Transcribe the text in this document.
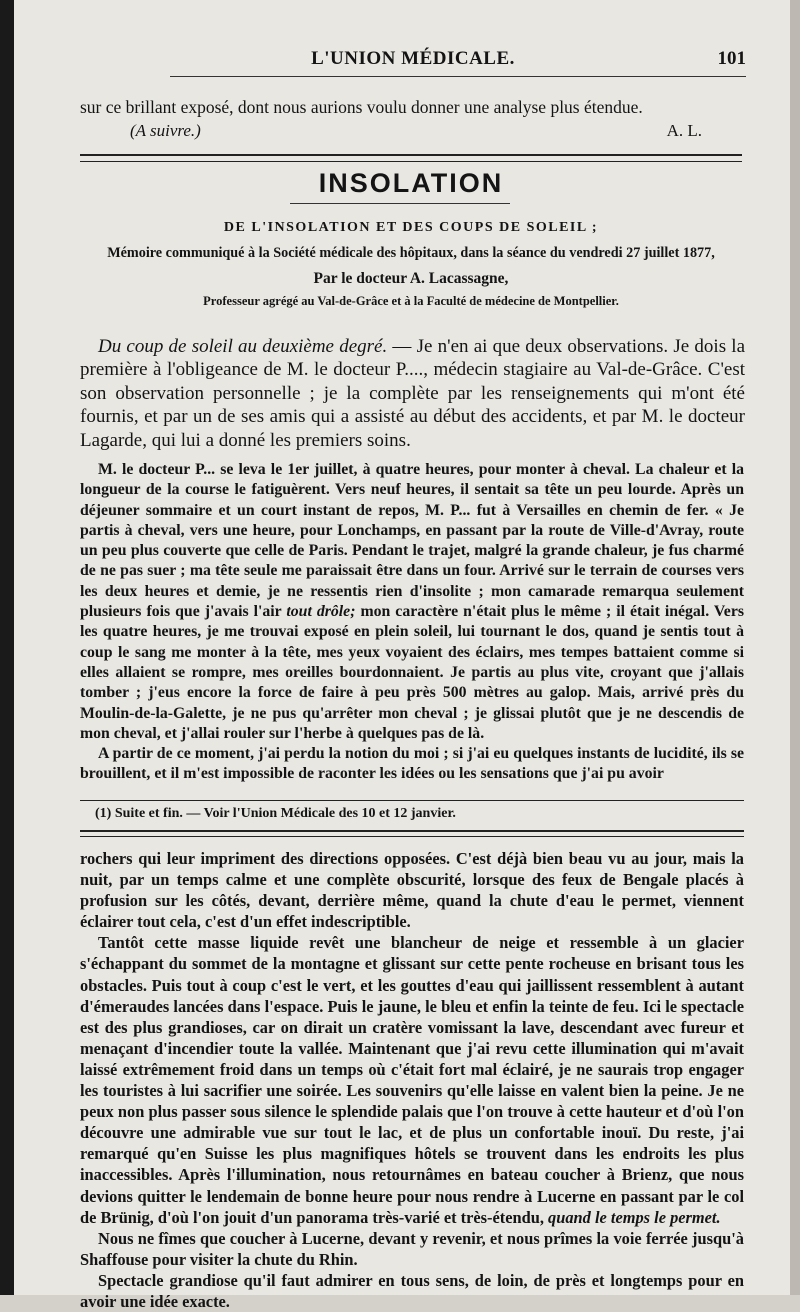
L'UNION MÉDICALE.	101

sur ce brillant exposé, dont nous aurions voulu donner une analyse plus étendue.

(A suivre.)	A. L.
INSOLATION
DE L'INSOLATION ET DES COUPS DE SOLEIL ;
Mémoire communiqué à la Société médicale des hôpitaux, dans la séance du vendredi 27 juillet 1877,
Par le docteur A. Lacassagne,
Professeur agrégé au Val-de-Grâce et à la Faculté de médecine de Montpellier.

Du coup de soleil au deuxième degré. — Je n'en ai que deux observations. Je dois la première à l'obligeance de M. le docteur P...., médecin stagiaire au Val-de-Grâce. C'est son observation personnelle ; je la complète par les renseignements qui m'ont été fournis, et par un de ses amis qui a assisté au début des accidents, et par M. le docteur Lagarde, qui lui a donné les premiers soins.

M. le docteur P... se leva le 1er juillet, à quatre heures, pour monter à cheval. La chaleur et la longueur de la course le fatiguèrent. Vers neuf heures, il sentait sa tête un peu lourde. Après un déjeuner sommaire et un court instant de repos, M. P... fut à Versailles en chemin de fer. « Je partis à cheval, vers une heure, pour Lonchamps, en passant par la route de Ville-d'Avray, route un peu plus couverte que celle de Paris. Pendant le trajet, malgré la grande chaleur, je fus charmé de ne pas suer ; ma tête seule me paraissait être dans un four. Arrivé sur le terrain de courses vers les deux heures et demie, je ne ressentis rien d'insolite ; mon camarade remarqua seulement plusieurs fois que j'avais l'air tout drôle; mon caractère n'était plus le même ; il était inégal. Vers les quatre heures, je me trouvai exposé en plein soleil, lui tournant le dos, quand je sentis tout à coup le sang me monter à la tête, mes yeux voyaient des éclairs, mes tempes battaient comme si elles allaient se rompre, mes oreilles bourdonnaient. Je partis au plus vite, croyant que j'allais tomber ; j'eus encore la force de faire à peu près 500 mètres au galop. Mais, arrivé près du Moulin-de-la-Galette, je ne pus qu'arrêter mon cheval ; je glissai plutôt que je ne descendis de mon cheval, et j'allai rouler sur l'herbe à quelques pas de là.

A partir de ce moment, j'ai perdu la notion du moi ; si j'ai eu quelques instants de lucidité, ils se brouillent, et il m'est impossible de raconter les idées ou les sensations que j'ai pu avoir

(1) Suite et fin. — Voir l'Union Médicale des 10 et 12 janvier.

rochers qui leur impriment des directions opposées. C'est déjà bien beau vu au jour, mais la nuit, par un temps calme et une complète obscurité, lorsque des feux de Bengale placés à profusion sur les côtés, devant, derrière même, quand la chute d'eau le permet, viennent éclairer tout cela, c'est d'un effet indescriptible.

Tantôt cette masse liquide revêt une blancheur de neige et ressemble à un glacier s'échappant du sommet de la montagne et glissant sur cette pente rocheuse en brisant tous les obstacles. Puis tout à coup c'est le vert, et les gouttes d'eau qui jaillissent ressemblent à autant d'émeraudes lancées dans l'espace. Puis le jaune, le bleu et enfin la teinte de feu. Ici le spectacle est des plus grandioses, car on dirait un cratère vomissant la lave, descendant avec fureur et menaçant d'incendier toute la vallée. Maintenant que j'ai revu cette illumination qui m'avait laissé extrêmement froid dans un temps où c'était fort mal éclairé, je ne saurais trop engager les touristes à lui sacrifier une soirée. Les souvenirs qu'elle laisse en valent bien la peine. Je ne peux non plus passer sous silence le splendide palais que l'on trouve à cette hauteur et d'où l'on découvre une admirable vue sur tout le lac, et de plus un confortable inouï. Du reste, j'ai remarqué qu'en Suisse les plus magnifiques hôtels se trouvent dans les endroits les plus inaccessibles. Après l'illumination, nous retournâmes en bateau coucher à Brienz, que nous devions quitter le lendemain de bonne heure pour nous rendre à Lucerne en passant par le col de Brünig, d'où l'on jouit d'un panorama très-varié et très-étendu, quand le temps le permet.

Nous ne fîmes que coucher à Lucerne, devant y revenir, et nous prîmes la voie ferrée jusqu'à Shaffouse pour visiter la chute du Rhin.

Spectacle grandiose qu'il faut admirer en tous sens, de loin, de près et longtemps pour en avoir une idée exacte.
